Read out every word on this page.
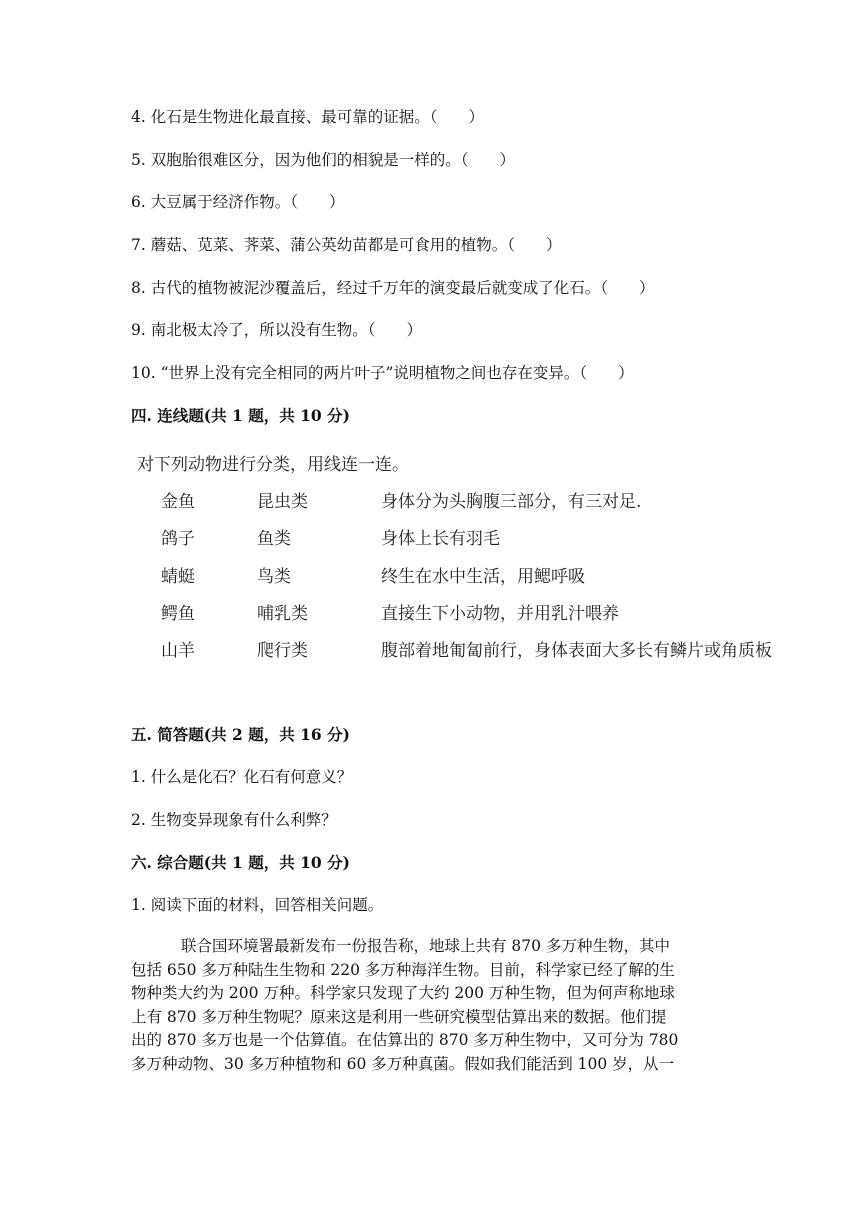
4. 化石是生物进化最直接、最可靠的证据。（　　）
5. 双胞胎很难区分，因为他们的相貌是一样的。（　　）
6. 大豆属于经济作物。（　　）
7. 蘑菇、苋菜、荠菜、蒲公英幼苗都是可食用的植物。（　　）
8. 古代的植物被泥沙覆盖后，经过千万年的演变最后就变成了化石。（　　）
9. 南北极太冷了，所以没有生物。（　　）
10. “世界上没有完全相同的两片叶子”说明植物之间也存在变异。（　　）
四. 连线题(共 1 题，共 10 分)
对下列动物进行分类，用线连一连。
金鱼
鸽子
蜻蜓
鳄鱼
山羊
昆虫类
鱼类
鸟类
哺乳类
爬行类
身体分为头胸腹三部分，有三对足.
身体上长有羽毛
终生在水中生活，用鳃呼吸
直接生下小动物，并用乳汁喂养
腹部着地匍匐前行，身体表面大多长有鳞片或角质板
五. 简答题(共 2 题，共 16 分)
1. 什么是化石？化石有何意义？
2. 生物变异现象有什么利弊？
六. 综合题(共 1 题，共 10 分)
1. 阅读下面的材料，回答相关问题。
联合国环境署最新发布一份报告称，地球上共有 870 多万种生物，其中
包括 650 多万种陆生生物和 220 多万种海洋生物。目前，科学家已经了解的生
物种类大约为 200 万种。科学家只发现了大约 200 万种生物，但为何声称地球
上有 870 多万种生物呢？原来这是利用一些研究模型估算出来的数据。他们提
出的 870 多万也是一个估算值。在估算出的 870 多万种生物中，又可分为 780
多万种动物、30 多万种植物和 60 多万种真菌。假如我们能活到 100 岁，从一
